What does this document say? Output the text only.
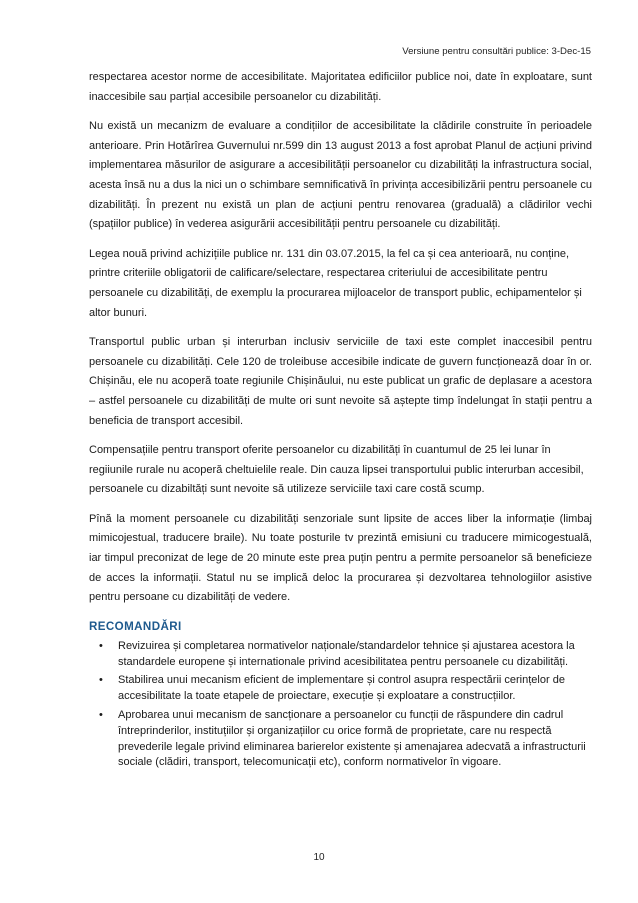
Versiune pentru consultări publice: 3-Dec-15

respectarea acestor norme de accesibilitate. Majoritatea edificiilor publice noi, date în exploatare, sunt inaccesibile sau parțial accesibile persoanelor cu dizabilități.

Nu există un mecanizm de evaluare a condițiilor de accesibilitate la clădirile construite în perioadele anterioare. Prin Hotărîrea Guvernului nr.599 din 13 august 2013 a fost aprobat Planul de acțiuni privind implementarea măsurilor de asigurare a accesibilității persoanelor cu dizabilități la infrastructura social, acesta însă nu a dus la nici un o schimbare semnificativă în privința accesibilizării pentru persoanele cu dizabilități. În prezent nu există un plan de acțiuni pentru renovarea (graduală) a clădirilor vechi (spațiilor publice) în vederea asigurării accesibilității pentru persoanele cu dizabilități.

Legea nouă privind achizițiile publice nr. 131 din 03.07.2015, la fel ca și cea anterioară, nu conține, printre criteriile obligatorii de calificare/selectare, respectarea criteriului de accesibilitate pentru persoanele cu dizabilități, de exemplu la procurarea mijloacelor de transport public, echipamentelor și altor bunuri.

Transportul public urban și interurban inclusiv serviciile de taxi este complet inaccesibil pentru persoanele cu dizabilități. Cele 120 de troleibuse accesibile indicate de guvern funcționează doar în or. Chișinău, ele nu acoperă toate regiunile Chișinăului, nu este publicat un grafic de deplasare a acestora – astfel persoanele cu dizabilități de multe ori sunt nevoite să aștepte timp îndelungat în stații pentru a beneficia de transport accesibil.

Compensațiile pentru transport oferite persoanelor cu dizabilități în cuantumul de 25 lei lunar în regiiunile rurale nu acoperă cheltuielile reale. Din cauza lipsei transportului public interurban accesibil, persoanele cu dizabiltăți sunt nevoite să utilizeze serviciile taxi care costă scump.

Pînă la moment persoanele cu dizabilități senzoriale sunt lipsite de acces liber la informație (limbaj mimicojestual, traducere braile). Nu toate posturile tv prezintă emisiuni cu traducere mimicogestuală, iar timpul preconizat de lege de 20 minute este prea puțin pentru a permite persoanelor să beneficieze de acces la informații. Statul nu se implică deloc la procurarea și dezvoltarea tehnologiilor asistive pentru persoane cu dizabilități de vedere.

RECOMANDĂRI
• Revizuirea și completarea normativelor naționale/standardelor tehnice și ajustarea acestora la standardele europene și internationale privind acesibilitatea pentru persoanele cu dizabilități.
• Stabilirea unui mecanism eficient de implementare și control asupra respectării cerințelor de accesibilitate la toate etapele de proiectare, execuție și exploatare a construcțiilor.
• Aprobarea unui mecanism de sancționare a persoanelor cu funcții de răspundere din cadrul întreprinderilor, instituțiilor și organizațiilor cu orice formă de proprietate, care nu respectă prevederile legale privind eliminarea barierelor existente și amenajarea adecvată a infrastructurii sociale (clădiri, transport, telecomunicații etc), conform normativelor în vigoare.
10
